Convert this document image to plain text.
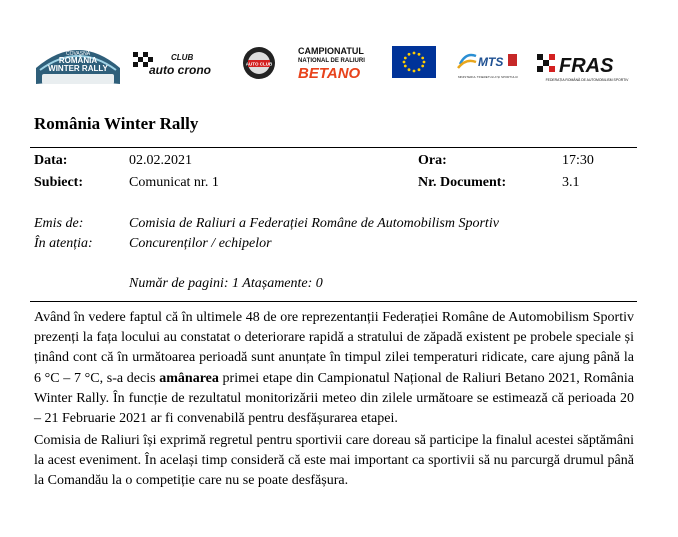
COVASNA
ROMÂNIA
WINTER RALLY
CLUB
auto crono	AUTO CLUB
CAMPIONATUL
NAȚIONAL DE RALIURI
BETANO
MTS
MINISTERUL TINERETULUI ȘI SPORTULUI FRAS
FEDERAȚIA ROMÂNĂ DE AUTOMOBILISM SPORTIV
România Winter Rally
Data:	02.02.2021	Ora:	17:30
Subiect:	Comunicat nr. 1	Nr. Document:	3.1
Emis de:	Comisia de Raliuri a Federației Române de Automobilism Sportiv
În atenția:	Concurenților / echipelor
Număr de pagini: 1 Atașamente: 0

Având în vedere faptul că în ultimele 48 de ore reprezentanții Federației Române de Automobilism Sportiv prezenți la fața locului au constatat o deteriorare rapidă a stratului de zăpadă existent pe probele speciale și ținând cont că în următoarea perioadă sunt anunțate în timpul zilei temperaturi ridicate, care ajung până la 6 °C – 7 °C, s-a decis amânarea primei etape din Campionatul Național de Raliuri Betano 2021, România Winter Rally. În funcție de rezultatul monitorizării meteo din zilele următoare se estimează că perioada 20 – 21 Februarie 2021 ar fi convenabilă pentru desfășurarea etapei.

Comisia de Raliuri își exprimă regretul pentru sportivii care doreau să participe la finalul acestei săptămâni la acest eveniment. În același timp consideră că este mai important ca sportivii să nu parcurgă drumul până la Comandău la o competiție care nu se poate desfășura.
